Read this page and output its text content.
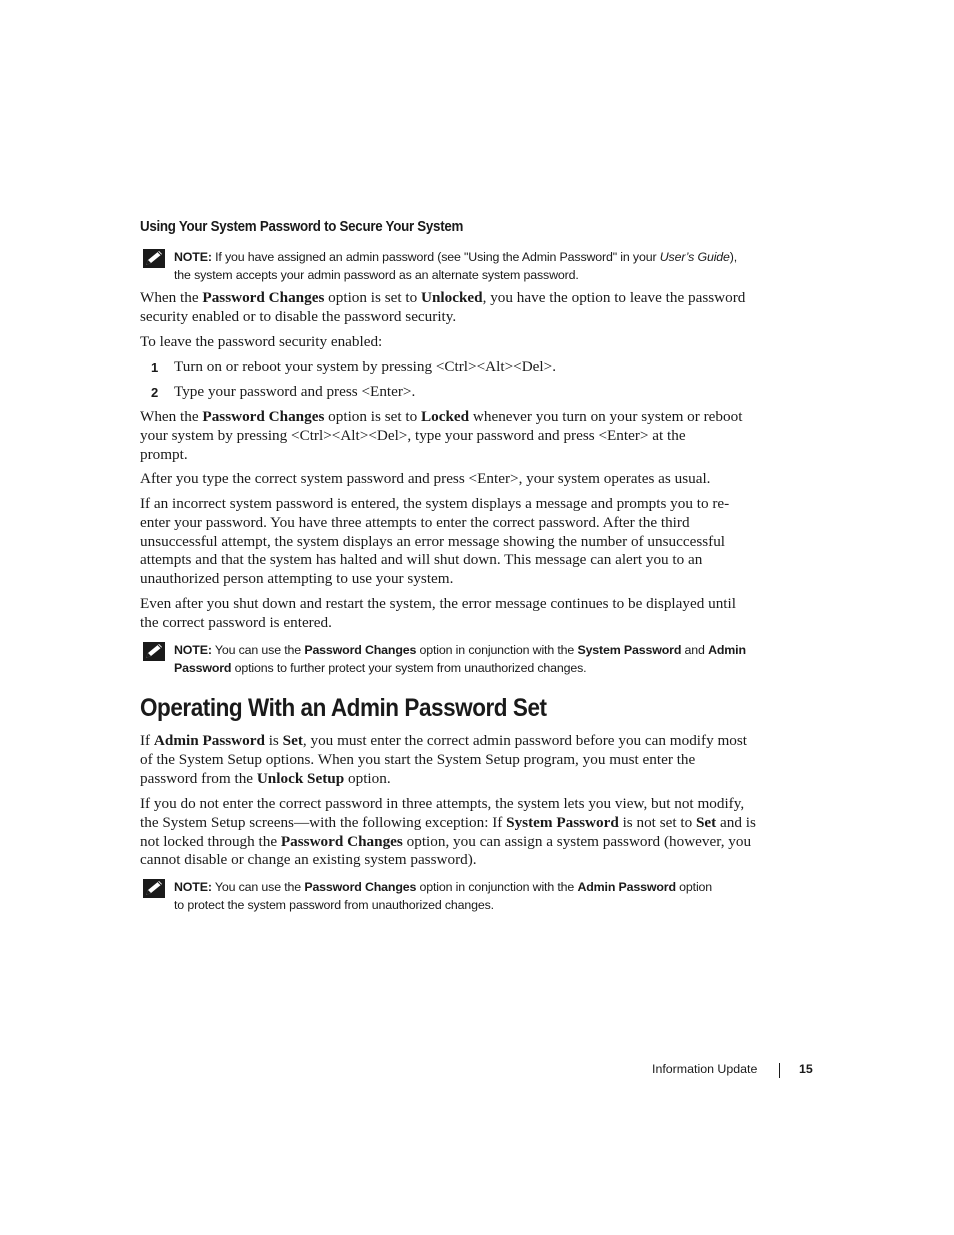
Using Your System Password to Secure Your System
NOTE: If you have assigned an admin password (see "Using the Admin Password" in your User’s Guide),
the system accepts your admin password as an alternate system password.
When the Password Changes option is set to Unlocked, you have the option to leave the password
security enabled or to disable the password security.
To leave the password security enabled:
1 Turn on or reboot your system by pressing <Ctrl><Alt><Del>.
2 Type your password and press <Enter>.
When the Password Changes option is set to Locked whenever you turn on your system or reboot
your system by pressing <Ctrl><Alt><Del>, type your password and press <Enter> at the
prompt.
After you type the correct system password and press <Enter>, your system operates as usual.
If an incorrect system password is entered, the system displays a message and prompts you to re-
enter your password. You have three attempts to enter the correct password. After the third
unsuccessful attempt, the system displays an error message showing the number of unsuccessful
attempts and that the system has halted and will shut down. This message can alert you to an
unauthorized person attempting to use your system.
Even after you shut down and restart the system, the error message continues to be displayed until
the correct password is entered.
NOTE: You can use the Password Changes option in conjunction with the System Password and Admin
Password options to further protect your system from unauthorized changes.
Operating With an Admin Password Set
If Admin Password is Set, you must enter the correct admin password before you can modify most
of the System Setup options. When you start the System Setup program, you must enter the
password from the Unlock Setup option.
If you do not enter the correct password in three attempts, the system lets you view, but not modify,
the System Setup screens—with the following exception: If System Password is not set to Set and is
not locked through the Password Changes option, you can assign a system password (however, you
cannot disable or change an existing system password).
NOTE: You can use the Password Changes option in conjunction with the Admin Password option
to protect the system password from unauthorized changes.
Information Update	15
